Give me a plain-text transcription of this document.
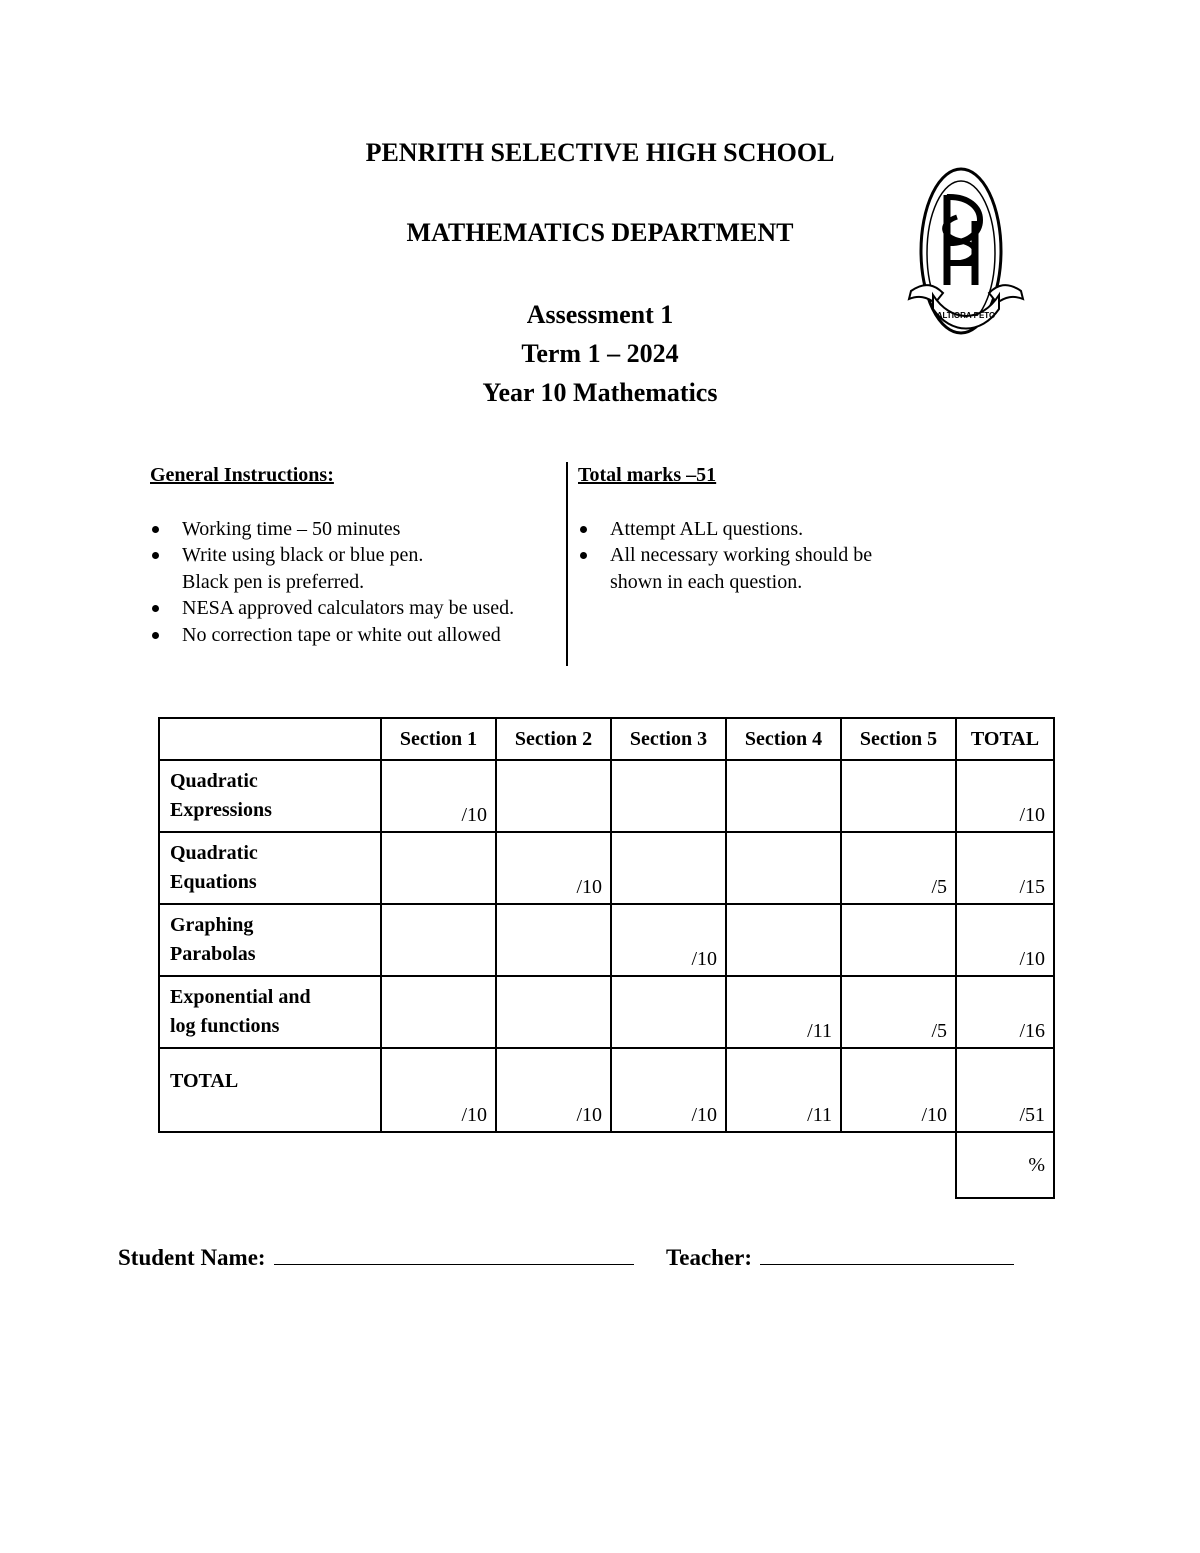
PENRITH SELECTIVE HIGH SCHOOL
MATHEMATICS DEPARTMENT
Assessment 1
Term 1 – 2024
Year 10 Mathematics
ALTIORA PETO
General Instructions:
Working time – 50 minutes
Write using black or blue pen.
Black pen is preferred.
NESA approved calculators may be used.
No correction tape or white out allowed
Total marks –51
Attempt ALL questions.
All necessary working should be
shown in each question.
	Section 1	Section 2	Section 3	Section 4	Section 5	TOTAL
Quadratic
Expressions	/10					/10
Quadratic
Equations		/10			/5	/15
Graphing
Parabolas			/10			/10
Exponential and
log functions				/11	/5	/16
TOTAL	/10	/10	/10	/11	/10	/51
						%
Student Name:	Teacher:
